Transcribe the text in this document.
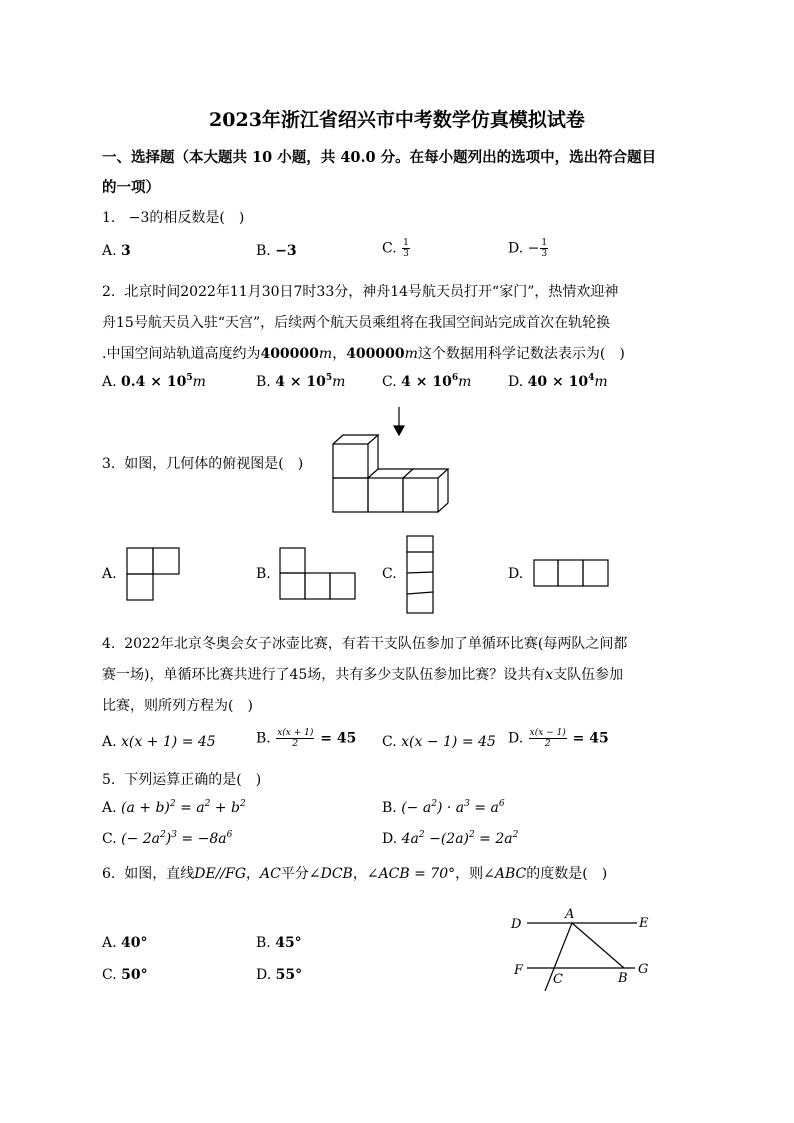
2023年浙江省绍兴市中考数学仿真模拟试卷
一、选择题（本大题共 10 小题，共 40.0 分。在每小题列出的选项中，选出符合题目
的一项）
1. −3的相反数是(　)
A. 3	B. −3	C. $\frac{1}{3}$	D. − $\frac{1}{3}$
2. 北京时间2022年11月30日7时33分，神舟14号航天员打开“家门”，热情欢迎神
舟15号航天员入驻“天宫”，后续两个航天员乘组将在我国空间站完成首次在轨轮换
.中国空间站轨道高度约为400000m，400000m这个数据用科学记数法表示为(　)
A. $0.4 \times 10^5m$	B. $4 \times 10^5m$	C. $4 \times 10^6m$	D. $40 \times 10^4m$
3. 如图，几何体的俯视图是(　)
A.	B.	C.	D.
4. 2022年北京冬奥会女子冰壶比赛，有若干支队伍参加了单循环比赛(每两队之间都
赛一场)，单循环比赛共进行了45场，共有多少支队伍参加比赛？设共有x支队伍参加
比赛，则所列方程为(　)
A. x(x + 1) = 45	B. $\frac{x(x + 1)}{2} = 45$ C. x(x − 1) = 45 D. $\frac{x(x - 1)}{2} = 45$
5. 下列运算正确的是(　)
A. $(a + b)^2 = a^2 + b^2$	B. (− $a^2) \cdot a^3 = a^6$
C. (− $2a^2)^3 = -8a^6$	D. $4a^2 -(2a)^2 = 2a^2$
6. 如图，直线DE//FG，AC平分∠DCB，∠ACB = 70°，则∠ABC的度数是(　)
A. 40°	B. 45°
C. 50°	D. 55°
D
A
E
F
C	B
G
